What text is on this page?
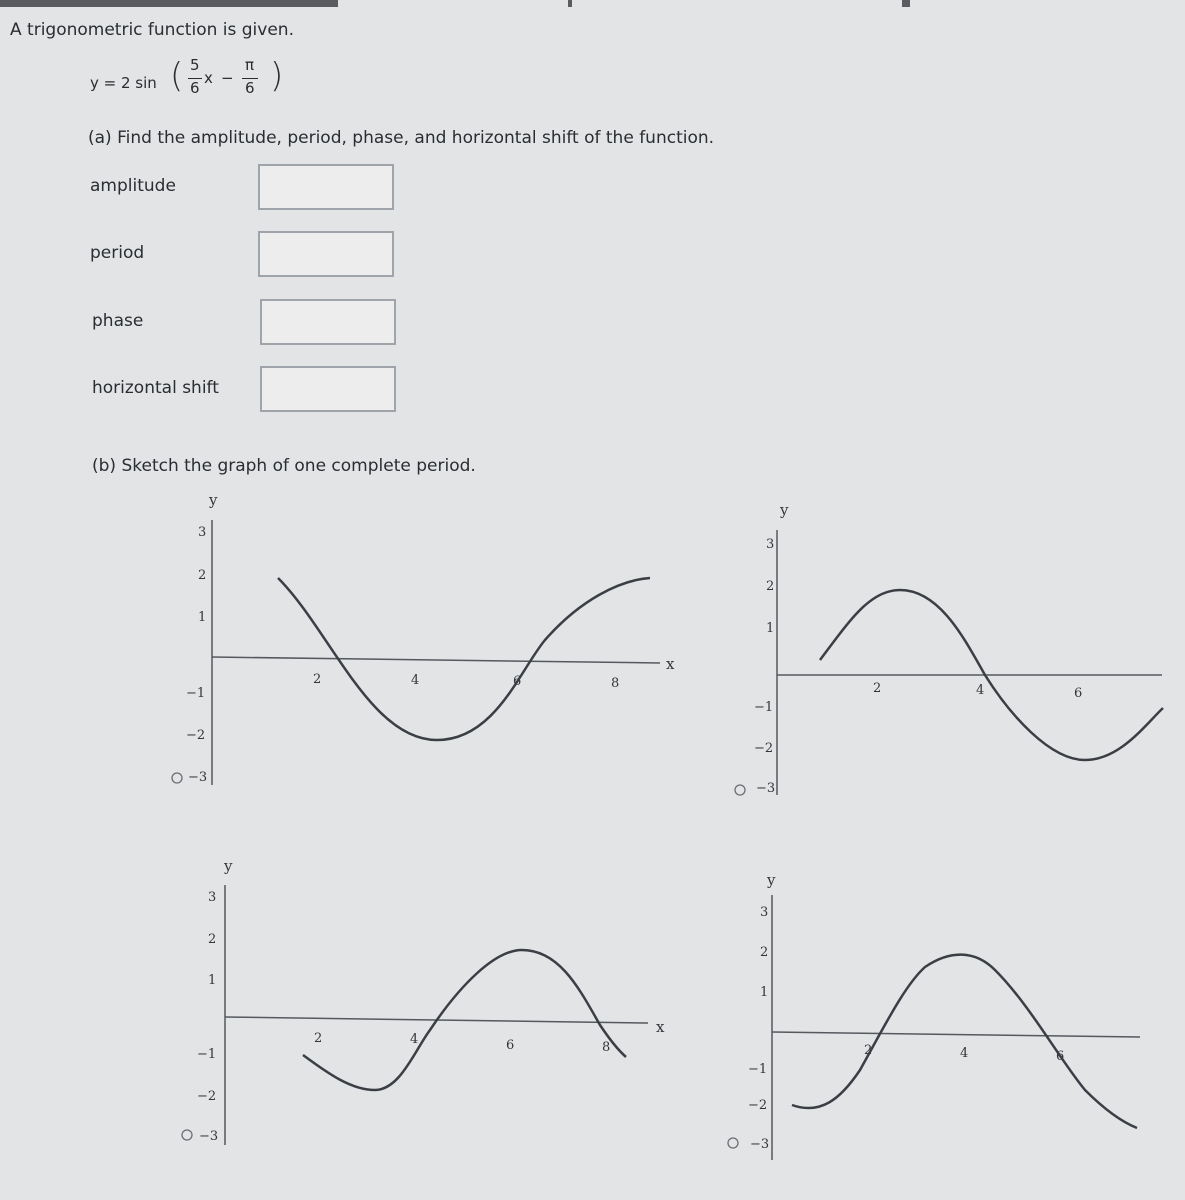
A trigonometric function is given.
y = 2 sin ( 5
6
x −
π
6 )
(a) Find the amplitude, period, phase, and horizontal shift of the function.
amplitude
period
phase
horizontal shift
(b) Sketch the graph of one complete period.
y
x
3
2
1
−1
−2
−3
2	4	6	8
y
3
2
1
−1
−2
−3
2	4	6
y
x
3
2
1
−1
−2
−3
2	4	6	8
y
3
2
1
−1
−2
−3
2	4	6
